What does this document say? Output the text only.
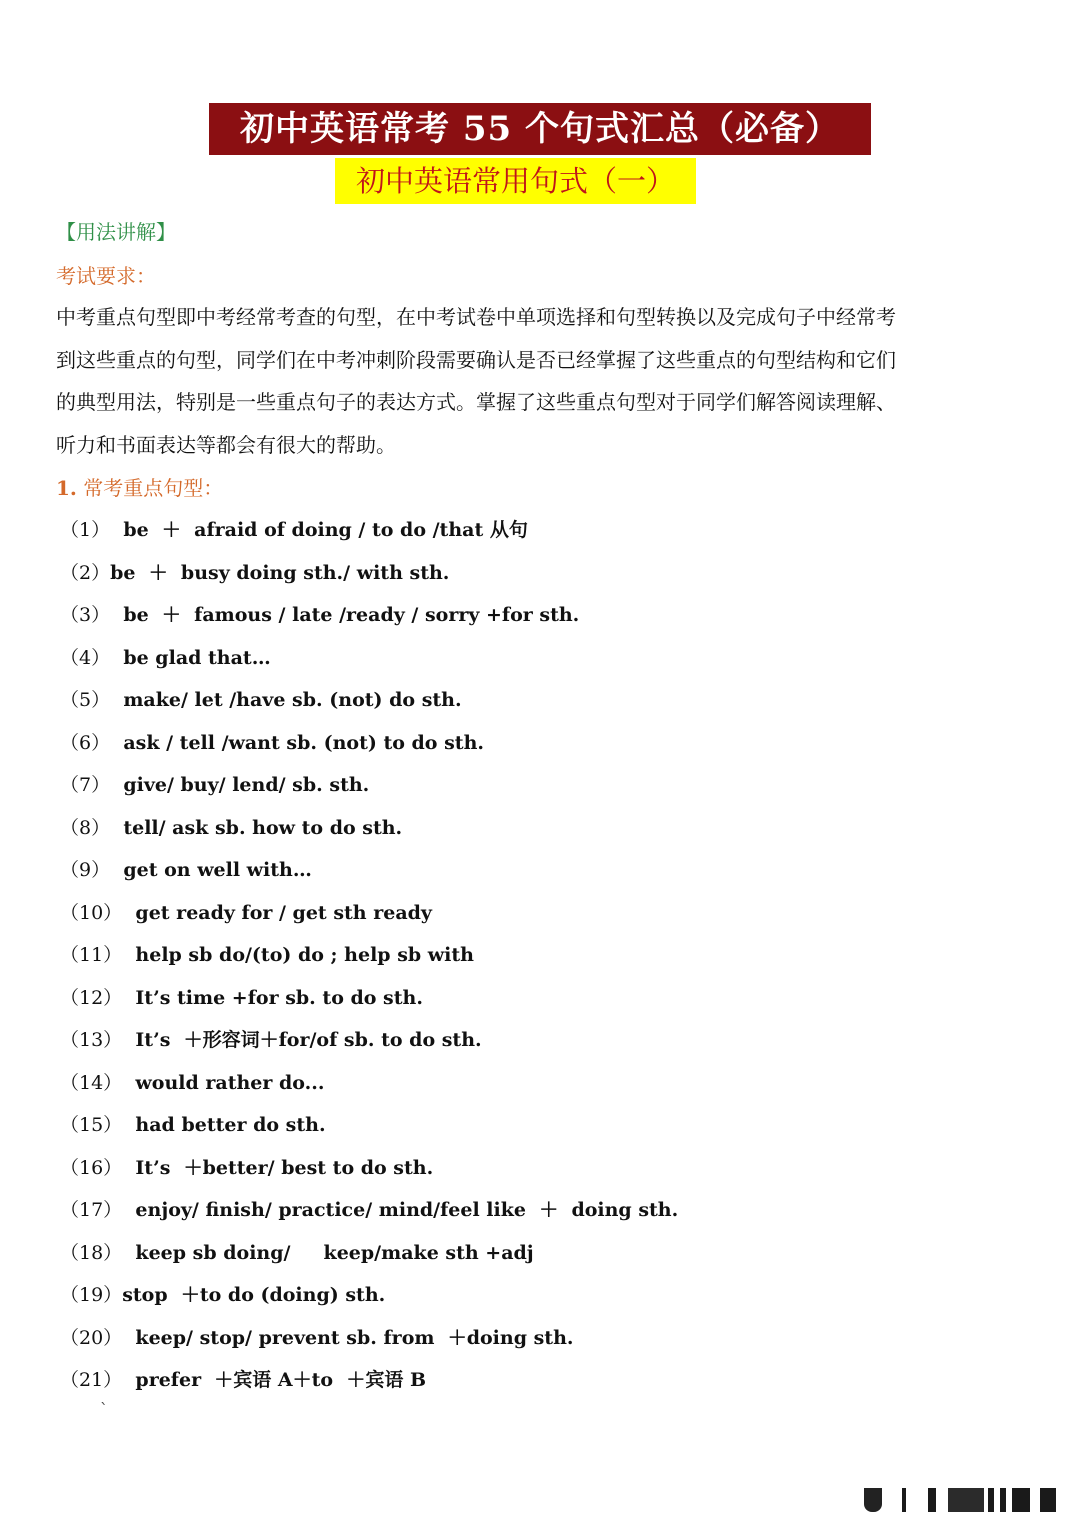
初中英语常考 55 个句式汇总（必备）
初中英语常用句式（一）
【用法讲解】
考试要求：
中考重点句型即中考经常考查的句型，在中考试卷中单项选择和句型转换以及完成句子中经常考
到这些重点的句型，同学们在中考冲刺阶段需要确认是否已经掌握了这些重点的句型结构和它们
的典型用法，特别是一些重点句子的表达方式。掌握了这些重点句型对于同学们解答阅读理解、
听力和书面表达等都会有很大的帮助。
1. 常考重点句型：
（1）  be  ＋  afraid of doing / to do /that 从句
（2）be  ＋  busy doing sth./ with sth.
（3）  be  ＋  famous / late /ready / sorry +for sth.
（4）  be glad that…
（5）  make/ let /have sb. (not) do sth.
（6）  ask / tell /want sb. (not) to do sth.
（7）  give/ buy/ lend/ sb. sth.
（8）  tell/ ask sb. how to do sth.
（9）  get on well with…
（10）  get ready for / get sth ready
（11）  help sb do/(to) do ; help sb with
（12）  It’s time +for sb. to do sth.
（13）  It’s  ＋形容词＋for/of sb. to do sth.
（14）  would rather do...
（15）  had better do sth.
（16）  It’s  ＋better/ best to do sth.
（17）  enjoy/ finish/ practice/ mind/feel like  ＋  doing sth.
（18）  keep sb doing/     keep/make sth +adj
（19）stop  ＋to do (doing) sth.
（20）  keep/ stop/ prevent sb. from  ＋doing sth.
（21）  prefer  ＋宾语 A＋to  ＋宾语 B
`
